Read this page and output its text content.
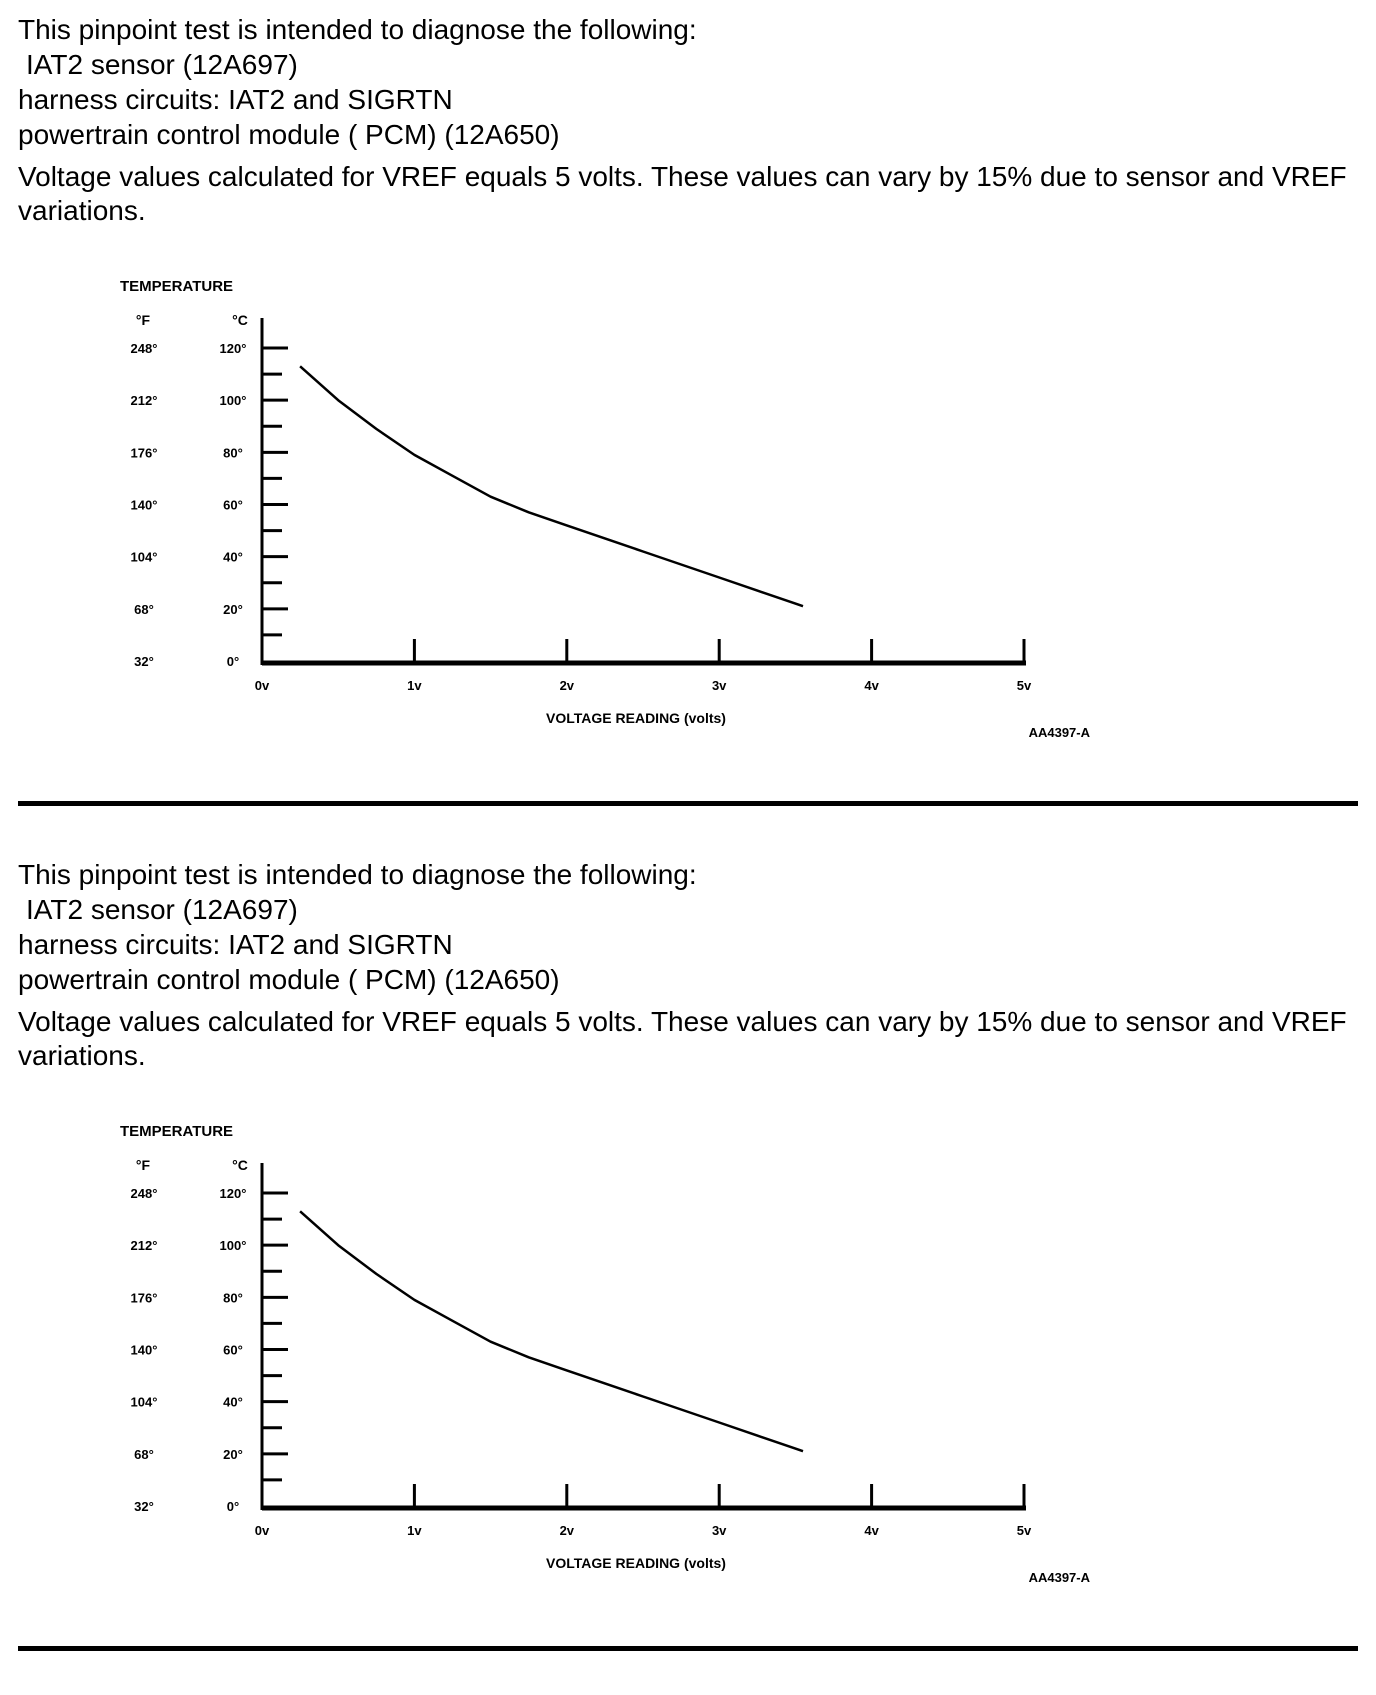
This pinpoint test is intended to diagnose the following:
IAT2 sensor (12A697)
harness circuits: IAT2 and SIGRTN
powertrain control module ( PCM) (12A650)
Voltage values calculated for VREF equals 5 volts. These values can vary by 15% due to sensor and VREF variations.
TEMPERATURE
°F	°C
120°
248°
100°
212°
80°
176°
60°
140°
40°
104°
20°
68°
0°
32°
0v	1v	2v	3v	4v	5v
VOLTAGE READING (volts)
AA4397-A
This pinpoint test is intended to diagnose the following:
IAT2 sensor (12A697)
harness circuits: IAT2 and SIGRTN
powertrain control module ( PCM) (12A650)
Voltage values calculated for VREF equals 5 volts. These values can vary by 15% due to sensor and VREF variations.
TEMPERATURE
°F	°C
120°
248°
100°
212°
80°
176°
60°
140°
40°
104°
20°
68°
0°
32°
0v	1v	2v	3v	4v	5v
VOLTAGE READING (volts)
AA4397-A
